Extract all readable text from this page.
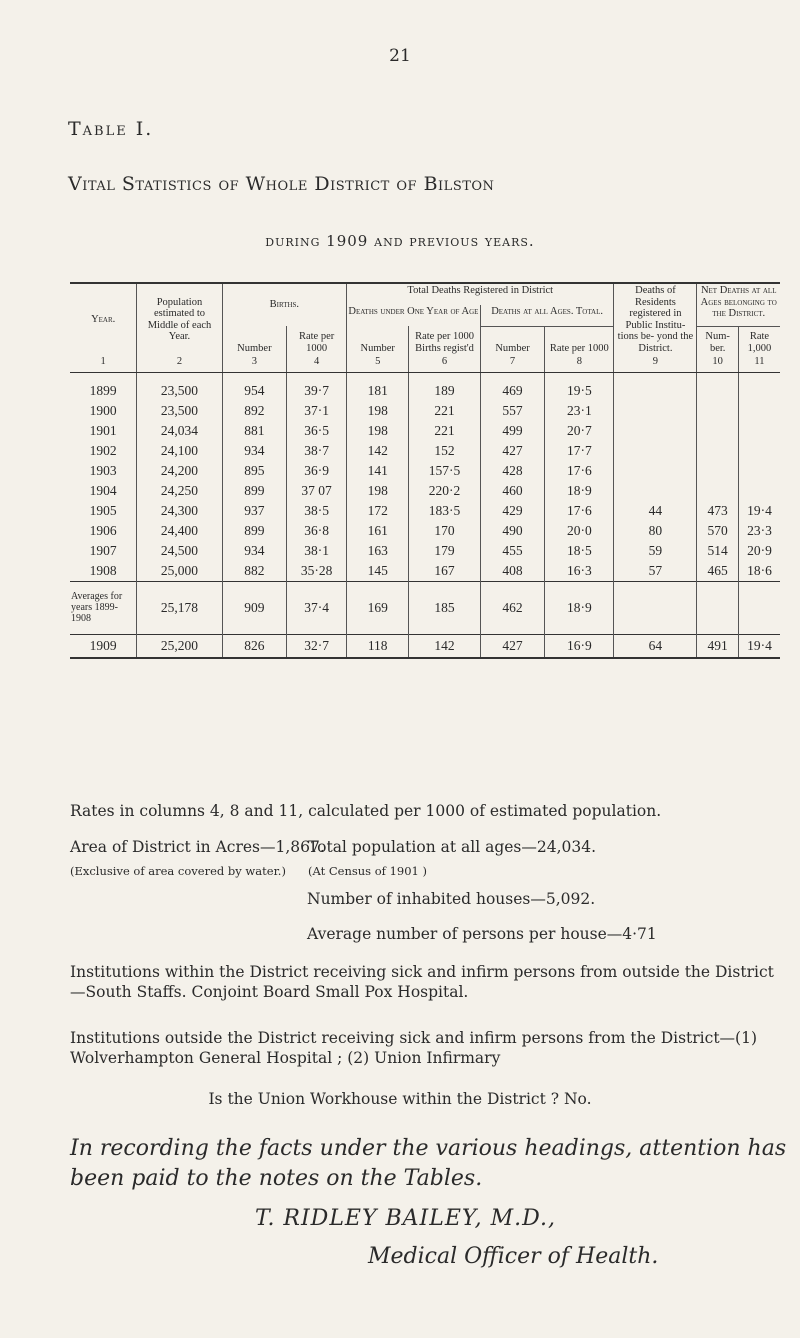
21
Table I.
Vital Statistics of Whole District of Bilston
during 1909 and previous years.
Year.	Population estimated to Middle of each Year.	Births.		Total Deaths Registered in District				Deaths of Residents registered in Public Institu- tions be- yond the District.	Net Deaths at all Ages belonging to the District.	
				Deaths under One Year of Age		Deaths at all Ages. Total.				
		Number	Rate per 1000	Number	Rate per 1000 Births regist'd	Number	Rate per 1000		Num- ber.	Rate 1,000
1	2	3	4	5	6	7	8	9	10	11
1899	23,500	954	39·7	181	189	469	19·5			
1900	23,500	892	37·1	198	221	557	23·1			
1901	24,034	881	36·5	198	221	499	20·7			
1902	24,100	934	38·7	142	152	427	17·7			
1903	24,200	895	36·9	141	157·5	428	17·6			
1904	24,250	899	37 07	198	220·2	460	18·9			
1905	24,300	937	38·5	172	183·5	429	17·6	44	473	19·4
1906	24,400	899	36·8	161	170	490	20·0	80	570	23·3
1907	24,500	934	38·1	163	179	455	18·5	59	514	20·9
1908	25,000	882	35·28	145	167	408	16·3	57	465	18·6
Averages for years 1899-1908	25,178	909	37·4	169	185	462	18·9			
1909	25,200	826	32·7	118	142	427	16·9	64	491	19·4
Rates in columns 4, 8 and 11, calculated per 1000 of estimated population.
Area of District in Acres—1,867.
Total population at all ages—24,034.
(Exclusive of area covered by water.) (At Census of 1901 )
Number of inhabited houses—5,092.
Average number of persons per house—4·71
Institutions within the District receiving sick and infirm persons from outside the District—South Staffs. Conjoint Board Small Pox Hospital.
Institutions outside the District receiving sick and infirm persons from the District—(1) Wolverhampton General Hospital ; (2) Union Infirmary
Is the Union Workhouse within the District ? No.
In recording the facts under the various headings, attention has been paid to the notes on the Tables.
T. RIDLEY BAILEY, M.D.,
Medical Officer of Health.
